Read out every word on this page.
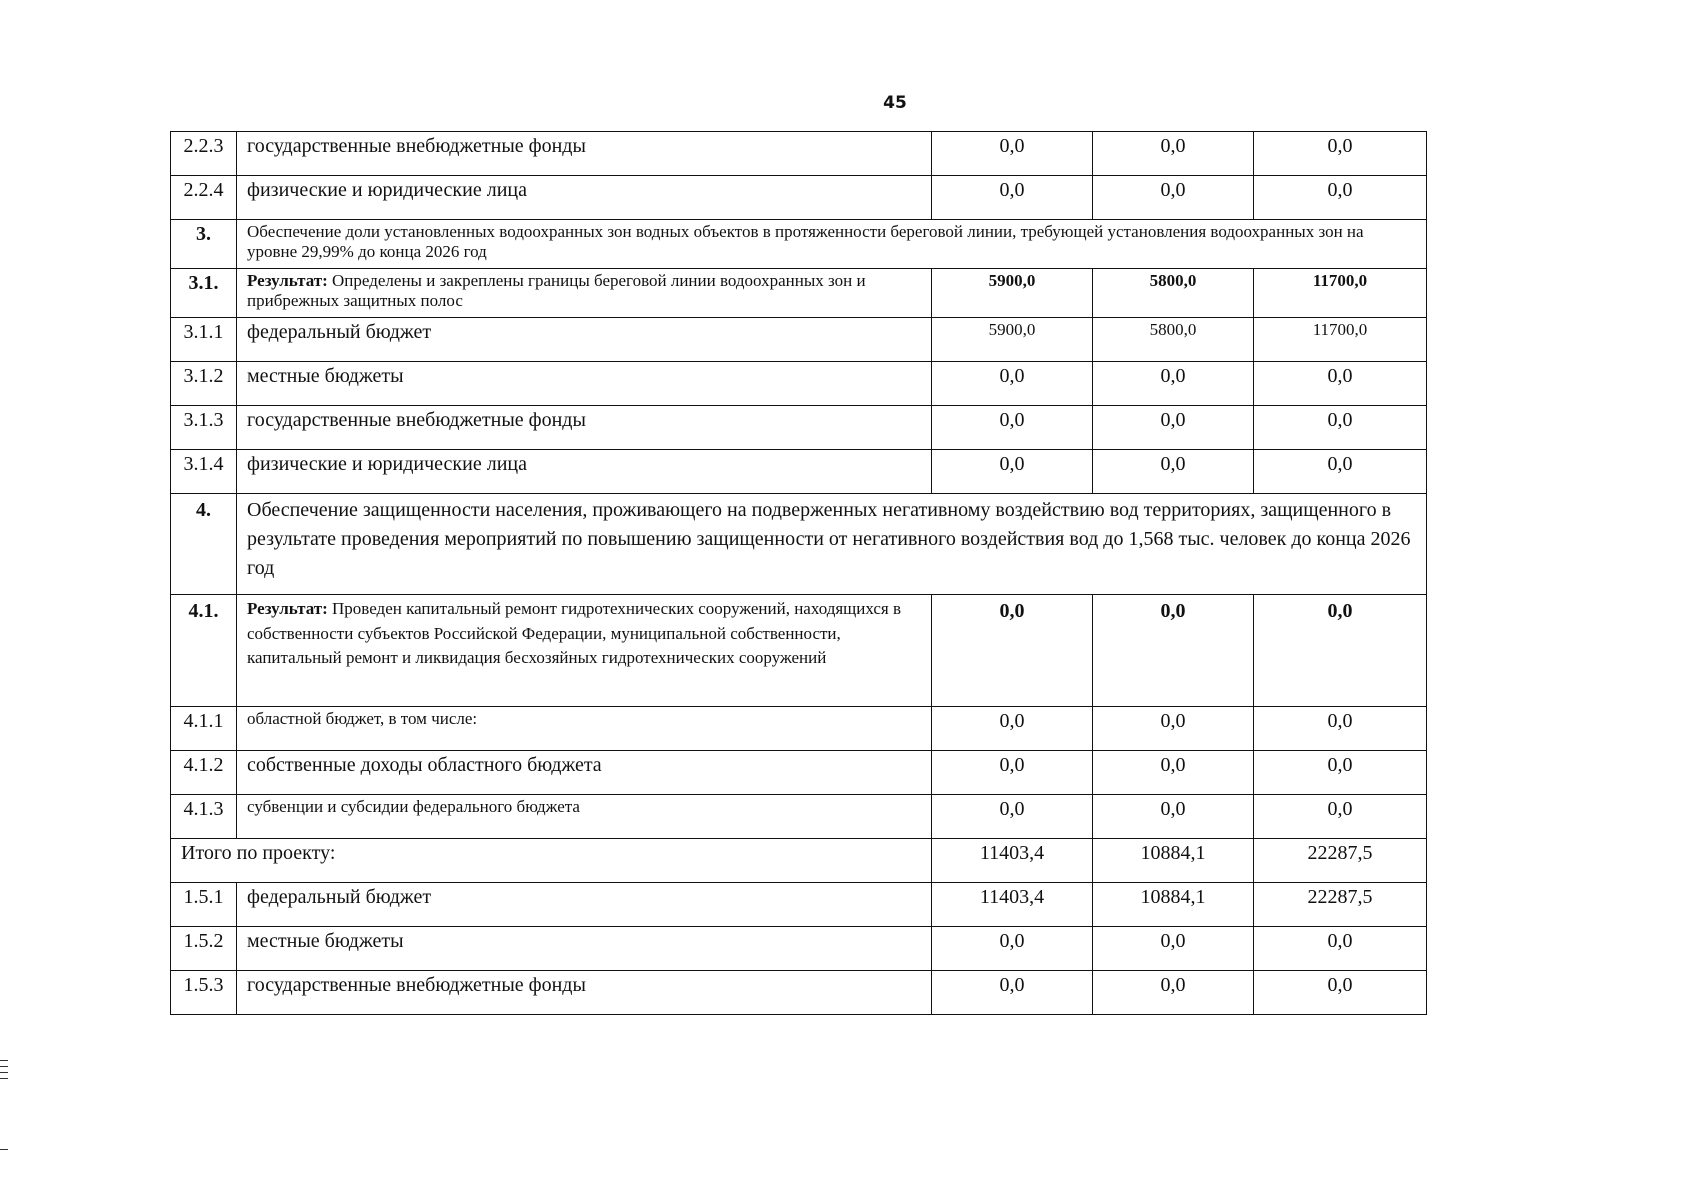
45
2.2.3	государственные внебюджетные фонды	0,0	0,0	0,0
2.2.4	физические и юридические лица	0,0	0,0	0,0
3.	Обеспечение доли установленных водоохранных зон водных объектов в протяженности береговой линии, требующей установления водоохранных зон на уровне 29,99% до конца 2026 год			
3.1.	Результат: Определены и закреплены границы береговой линии водоохранных зон и прибрежных защитных полос	5900,0	5800,0	11700,0
3.1.1	федеральный бюджет	5900,0	5800,0	11700,0
3.1.2	местные бюджеты	0,0	0,0	0,0
3.1.3	государственные внебюджетные фонды	0,0	0,0	0,0
3.1.4	физические и юридические лица	0,0	0,0	0,0
4.	Обеспечение защищенности населения, проживающего на подверженных негативному воздействию вод территориях, защищенного в результате проведения мероприятий по повышению защищенности от негативного воздействия вод до 1,568 тыс. человек до конца 2026 год			
4.1.	Результат: Проведен капитальный ремонт гидротехнических сооружений, находящихся в собственности субъектов Российской Федерации, муниципальной собственности, капитальный ремонт и ликвидация бесхозяйных гидротехнических сооружений	0,0	0,0	0,0
4.1.1	областной бюджет, в том числе:	0,0	0,0	0,0
4.1.2	собственные доходы областного бюджета	0,0	0,0	0,0
4.1.3	субвенции и субсидии федерального бюджета	0,0	0,0	0,0
Итого по проекту:		11403,4	10884,1	22287,5
1.5.1	федеральный бюджет	11403,4	10884,1	22287,5
1.5.2	местные бюджеты	0,0	0,0	0,0
1.5.3	государственные внебюджетные фонды	0,0	0,0	0,0
